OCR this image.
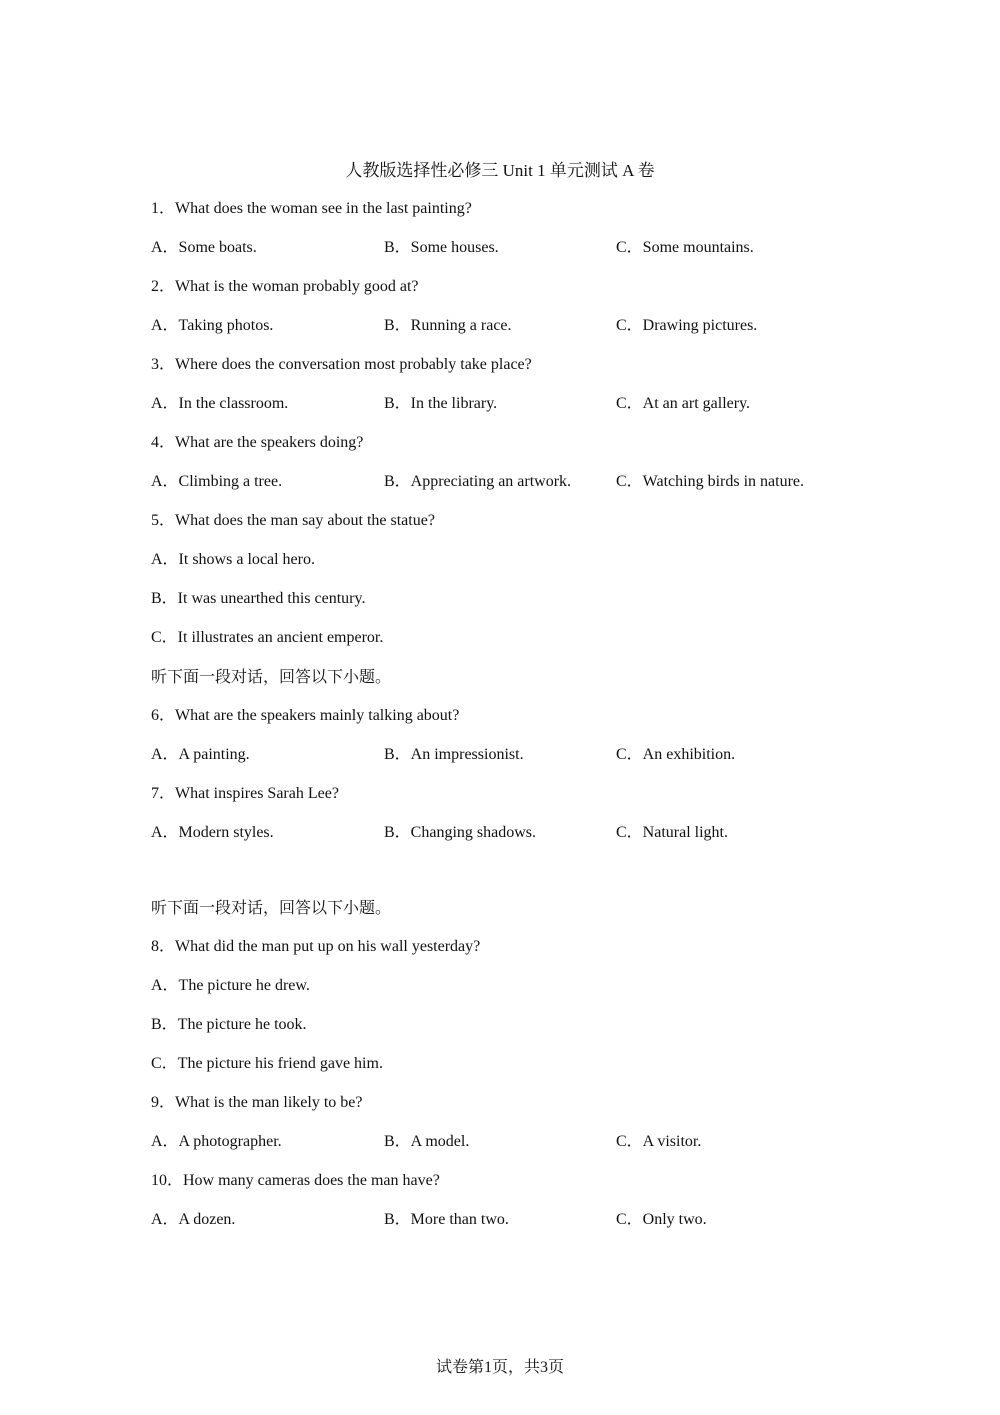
人教版选择性必修三 Unit 1 单元测试 A 卷
1．What does the woman see in the last painting?
A．Some boats.	B．Some houses.	C．Some mountains.
2．What is the woman probably good at?
A．Taking photos.	B．Running a race.	C．Drawing pictures.
3．Where does the conversation most probably take place?
A．In the classroom.	B．In the library.	C．At an art gallery.
4．What are the speakers doing?
A．Climbing a tree.	B．Appreciating an artwork.	C．Watching birds in nature.
5．What does the man say about the statue?
A．It shows a local hero.
B．It was unearthed this century.
C．It illustrates an ancient emperor.
听下面一段对话，回答以下小题。
6．What are the speakers mainly talking about?
A．A painting.	B．An impressionist.	C．An exhibition.
7．What inspires Sarah Lee?
A．Modern styles.	B．Changing shadows.	C．Natural light.
听下面一段对话，回答以下小题。
8．What did the man put up on his wall yesterday?
A．The picture he drew.
B．The picture he took.
C．The picture his friend gave him.
9．What is the man likely to be?
A．A photographer.	B．A model.	C．A visitor.
10．How many cameras does the man have?
A．A dozen.	B．More than two.	C．Only two.
试卷第1页，共3页
